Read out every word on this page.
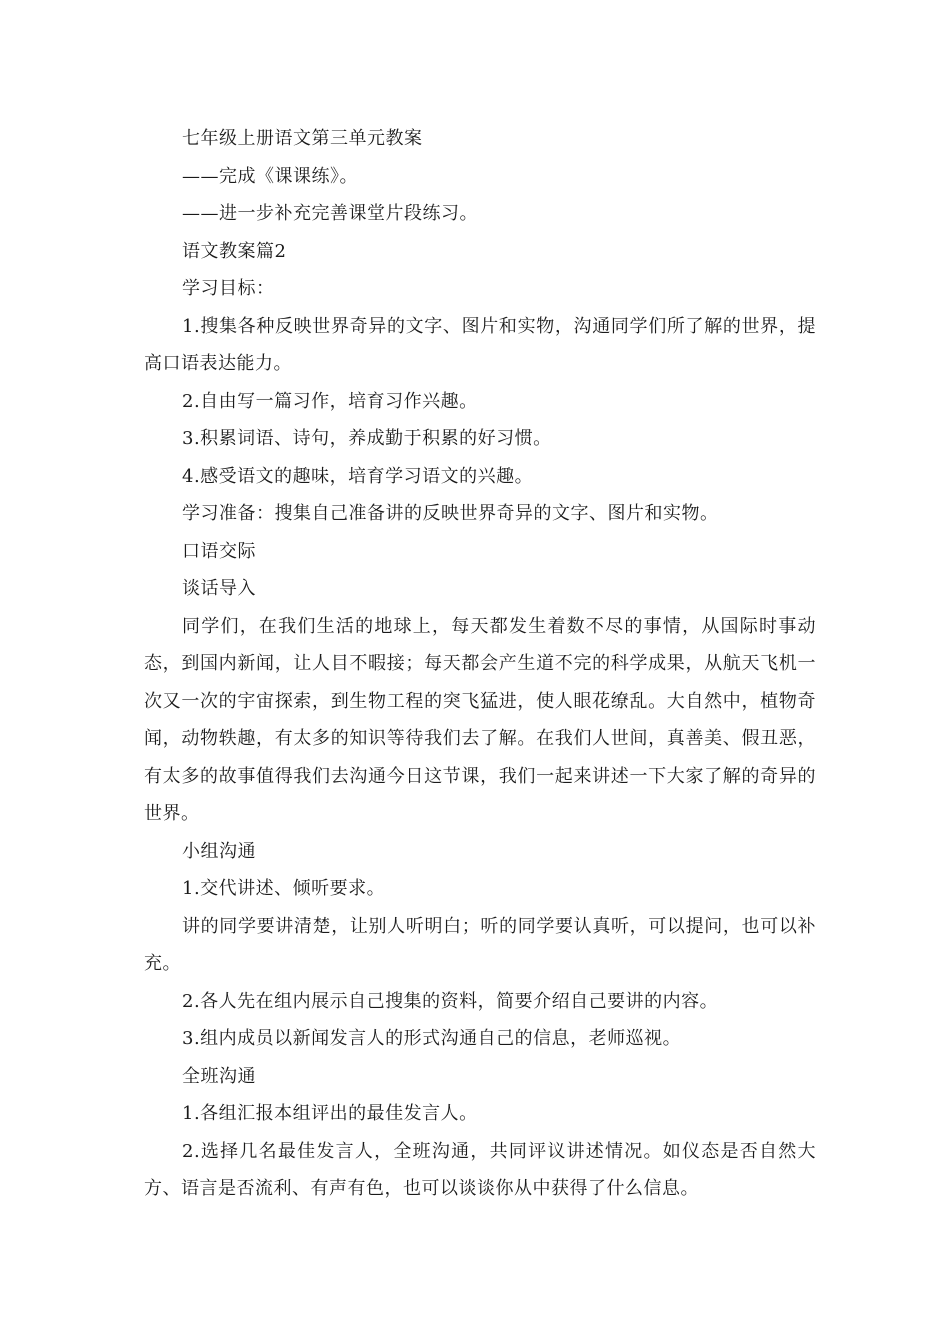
七年级上册语文第三单元教案
——完成《课课练》。
——进一步补充完善课堂片段练习。
语文教案篇2
学习目标：

1.搜集各种反映世界奇异的文字、图片和实物，沟通同学们所了解的世界，提高口语表达能力。

2.自由写一篇习作，培育习作兴趣。
3.积累词语、诗句，养成勤于积累的好习惯。
4.感受语文的趣味，培育学习语文的兴趣。
学习准备：搜集自己准备讲的反映世界奇异的文字、图片和实物。
口语交际
谈话导入

同学们，在我们生活的地球上，每天都发生着数不尽的事情，从国际时事动态，到国内新闻，让人目不暇接；每天都会产生道不完的科学成果，从航天飞机一次又一次的宇宙探索，到生物工程的突飞猛进，使人眼花缭乱。大自然中，植物奇闻，动物轶趣，有太多的知识等待我们去了解。在我们人世间，真善美、假丑恶，有太多的故事值得我们去沟通今日这节课，我们一起来讲述一下大家了解的奇异的世界。

小组沟通
1.交代讲述、倾听要求。

讲的同学要讲清楚，让别人听明白；听的同学要认真听，可以提问，也可以补充。

2.各人先在组内展示自己搜集的资料，简要介绍自己要讲的内容。
3.组内成员以新闻发言人的形式沟通自己的信息，老师巡视。
全班沟通
1.各组汇报本组评出的最佳发言人。

2.选择几名最佳发言人，全班沟通，共同评议讲述情况。如仪态是否自然大方、语言是否流利、有声有色，也可以谈谈你从中获得了什么信息。
